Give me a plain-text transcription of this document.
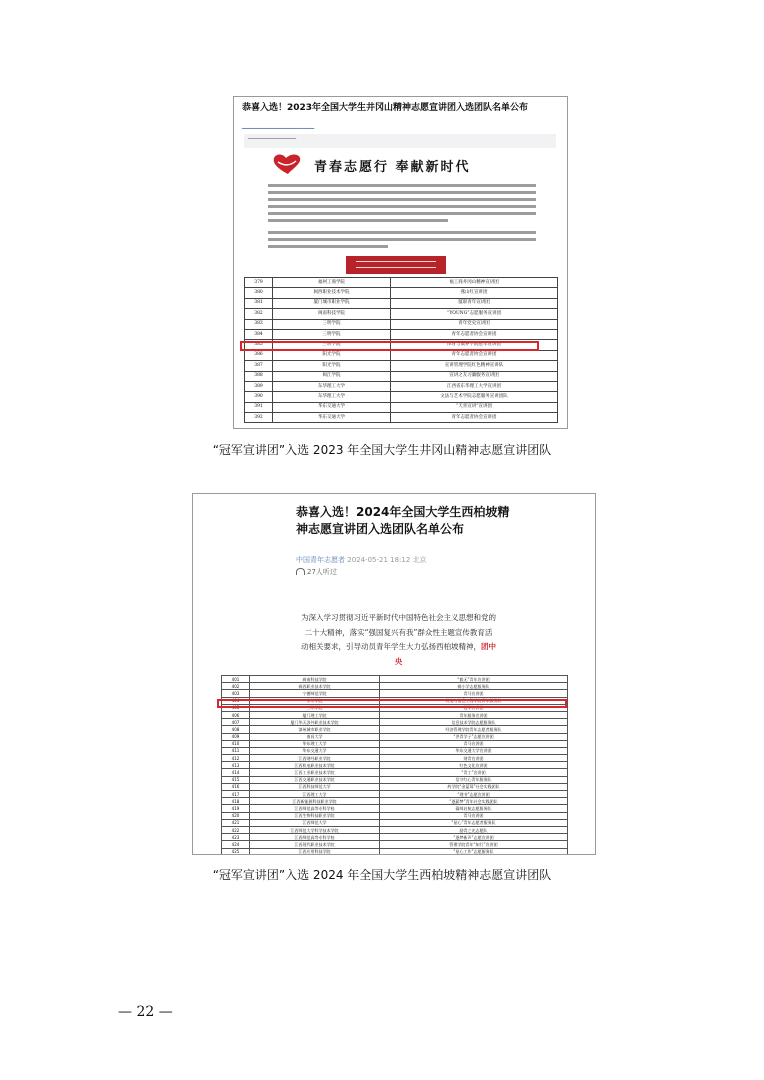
恭喜入选！2023年全国大学生井冈山精神志愿宣讲团入选团队名单公布
━━━━━━━━━━━━━━━━━━━━━━━━
━━━━━━━━━━━━━━━━━━━━
青春志愿行 奉献新时代
379	福州工商学院	福工商井冈山精神宣讲团
380	闽西职业技术学院	燕山红宣讲团
381	厦门城市职业学院	厦职青年宣讲团
382	闽南科技学院	“YOUNG”志愿服务宣讲团
383	三明学院	青年党史宣讲团
384	三明学院	青年志愿者协会宣讲团
385	三明学院	体育与康养学院冠军宣讲团
386	阳光学院	青年志愿者协会宣讲团
387	阳光学院	宣讲管理学院红色精神宣讲队
388	闽江学院	宣讲之友习廉服务宣讲团
389	东华理工大学	江西省东华理工大学宣讲团
390	东华理工大学	文法与艺术学院志愿服务宣讲团队
391	华东交通大学	“天青宣讲”宣讲团
392	华东交通大学	青年志愿者协会宣讲团
“冠军宣讲团”入选 2023 年全国大学生井冈山精神志愿宣讲团队
恭喜入选！2024年全国大学生西柏坡精神志愿宣讲团入选团队名单公布
中国青年志愿者 2024-05-21 18:12 北京
27人听过
为深入学习贯彻习近平新时代中国特色社会主义思想和党的二十大精神，落实“强国复兴有我”群众性主题宣传教育活动相关要求，引导动员青年学生大力弘扬西柏坡精神，团中央
401	闽南科技学院	“毅无”青年宣讲团
402	闽西职业技术学院	闽小学志愿服务队
403	宁德师范学院	青马宣讲团
404	泉州学院	机电与信息工程学院青年服务队
405	三明学院	冠军宣讲团
406	厦门理工学院	青年服务宣讲团
407	厦门华天涉外职业技术学院	信息技术学院志愿服务队
408	漳州城市职业学院	经济管理学院青年志愿者服务队
409	南昌大学	“洪青学子”志愿宣讲团
410	华东理工大学	青马宣讲团
411	华东交通大学	华东交通大学宣讲团
412	江西财经职业学院	财青宣讲团
413	江西机电职业技术学院	红色文化宣讲团
414	江西工业职业技术学院	“青工”宣讲团
415	江西交通职业技术学院	信守红心青年服务队
416	江西科技师范大学	药学院“金蓝莓”社会实践团队
417	江西理工大学	“理书”志愿宣讲团
418	江西新能源科技职业学院	“逐薪梦”青年社会实践团队
419	江西师范高等专科学校	赣师启航志愿服务队
420	江西生物科技职业学院	青马宣讲团
421	江西师范大学	“星心”青年志愿者服务队
422	江西师范大学科学技术学院	励青之光志愿队
423	江西师范高等专科学校	“逐梦新声”志愿宣讲团
424	江西现代职业技术学院	管理学院青年“知行”宣讲团
425	江西应用科技学院	“星心工作”志愿服务队

“冠军宣讲团”入选 2024 年全国大学生西柏坡精神志愿宣讲团队
— 22 —
